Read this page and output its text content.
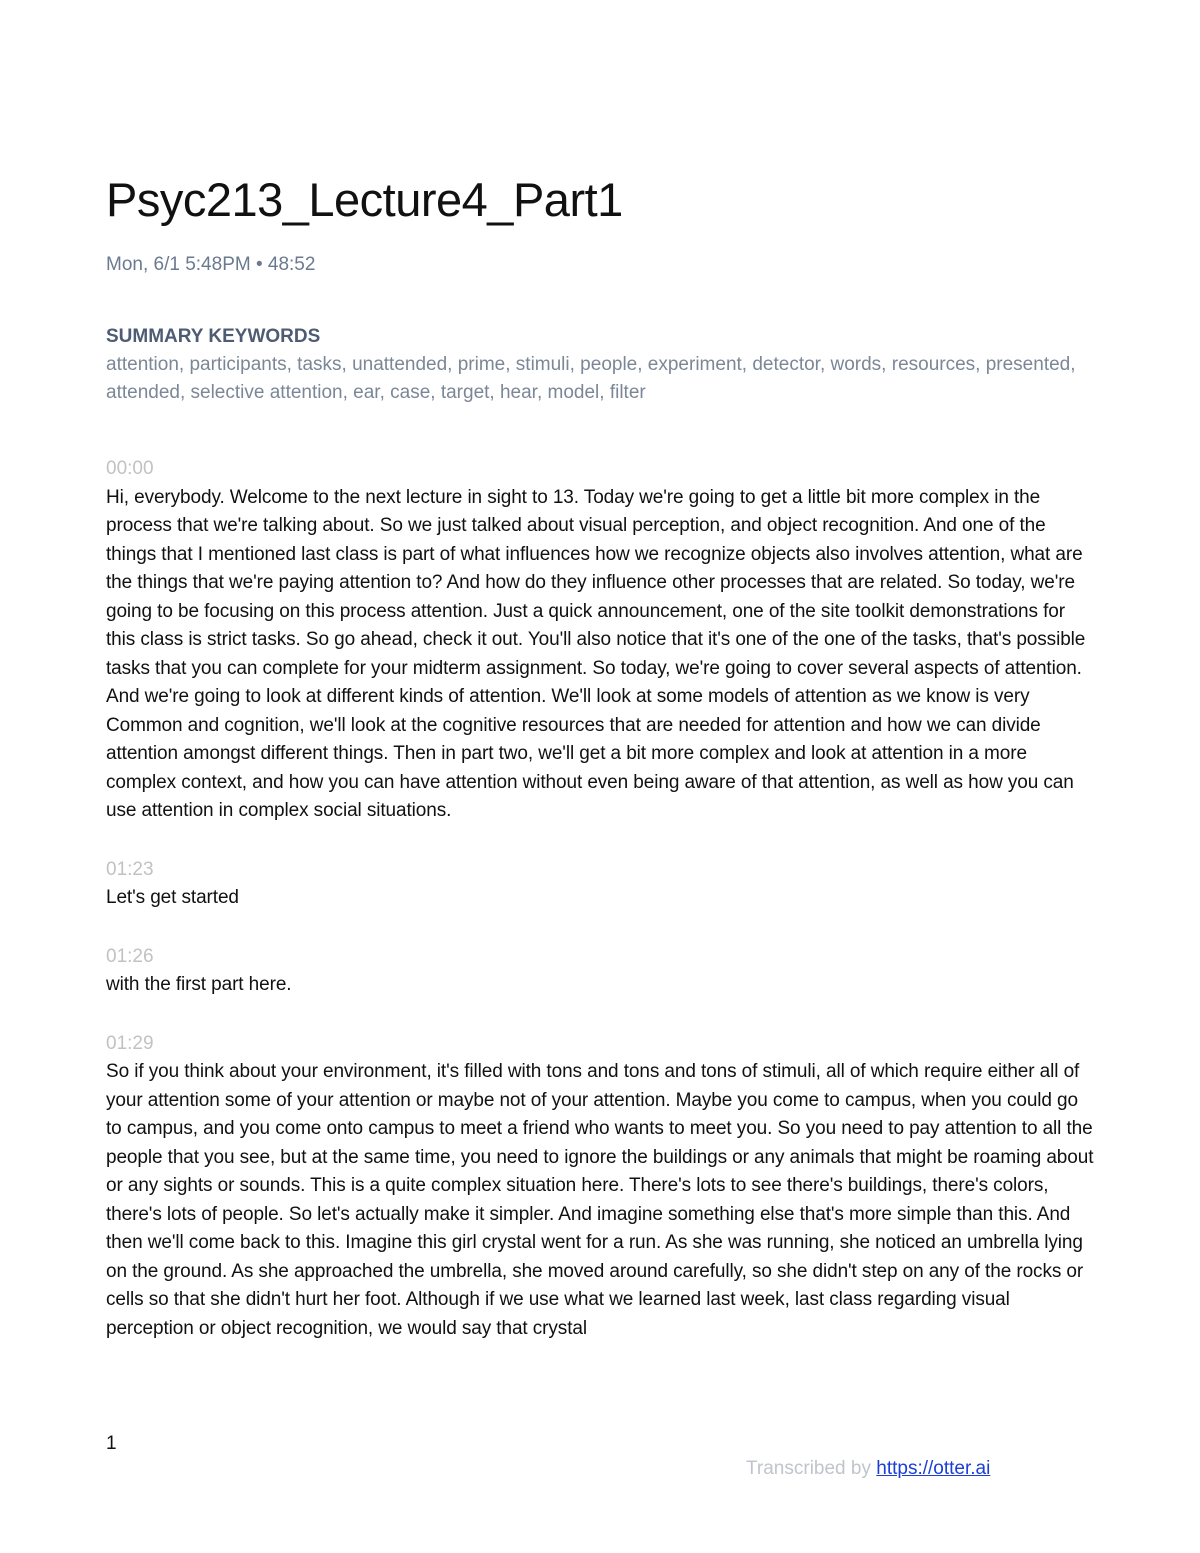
Psyc213_Lecture4_Part1
Mon, 6/1 5:48PM • 48:52
SUMMARY KEYWORDS
attention, participants, tasks, unattended, prime, stimuli, people, experiment, detector, words, resources, presented, attended, selective attention, ear, case, target, hear, model, filter
00:00
Hi, everybody. Welcome to the next lecture in sight to 13. Today we're going to get a little bit more complex in the process that we're talking about. So we just talked about visual perception, and object recognition. And one of the things that I mentioned last class is part of what influences how we recognize objects also involves attention, what are the things that we're paying attention to? And how do they influence other processes that are related. So today, we're going to be focusing on this process attention. Just a quick announcement, one of the site toolkit demonstrations for this class is strict tasks. So go ahead, check it out. You'll also notice that it's one of the one of the tasks, that's possible tasks that you can complete for your midterm assignment. So today, we're going to cover several aspects of attention. And we're going to look at different kinds of attention. We'll look at some models of attention as we know is very Common and cognition, we'll look at the cognitive resources that are needed for attention and how we can divide attention amongst different things. Then in part two, we'll get a bit more complex and look at attention in a more complex context, and how you can have attention without even being aware of that attention, as well as how you can use attention in complex social situations.
01:23
Let's get started
01:26
with the first part here.
01:29
So if you think about your environment, it's filled with tons and tons and tons of stimuli, all of which require either all of your attention some of your attention or maybe not of your attention. Maybe you come to campus, when you could go to campus, and you come onto campus to meet a friend who wants to meet you. So you need to pay attention to all the people that you see, but at the same time, you need to ignore the buildings or any animals that might be roaming about or any sights or sounds. This is a quite complex situation here. There's lots to see there's buildings, there's colors, there's lots of people. So let's actually make it simpler. And imagine something else that's more simple than this. And then we'll come back to this. Imagine this girl crystal went for a run. As she was running, she noticed an umbrella lying on the ground. As she approached the umbrella, she moved around carefully, so she didn't step on any of the rocks or cells so that she didn't hurt her foot. Although if we use what we learned last week, last class regarding visual perception or object recognition, we would say that crystal
1
Transcribed by https://otter.ai
